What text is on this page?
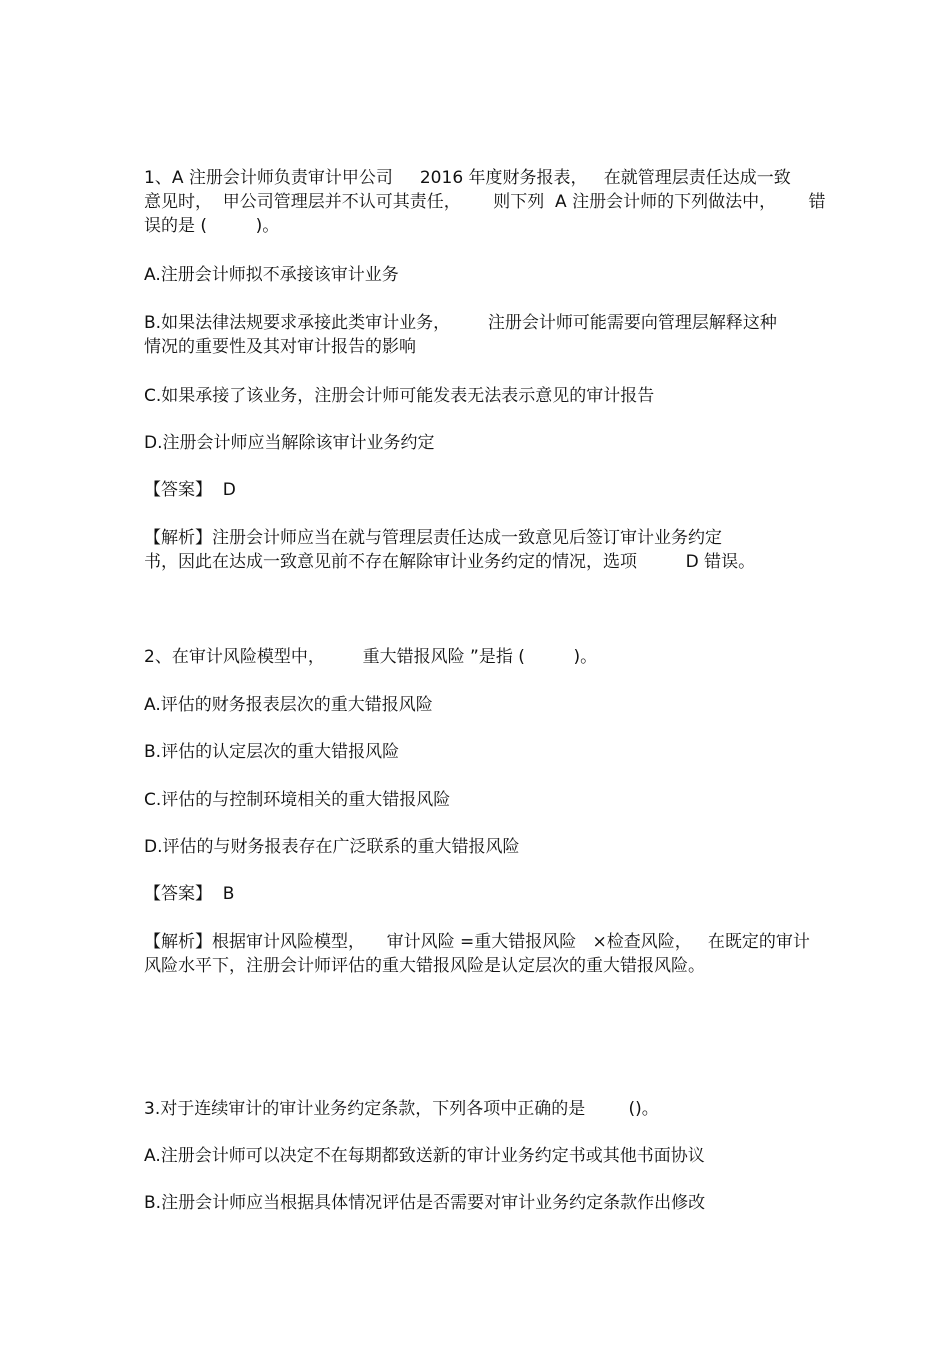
1、A 注册会计师负责审计甲公司     2016 年度财务报表，   在就管理层责任达成一致

意见时，  甲公司管理层并不认可其责任，      则下列  A 注册会计师的下列做法中，      错

误的是 (         )。

A.注册会计师拟不承接该审计业务

B.如果法律法规要求承接此类审计业务，       注册会计师可能需要向管理层解释这种

情况的重要性及其对审计报告的影响

C.如果承接了该业务，注册会计师可能发表无法表示意见的审计报告

D.注册会计师应当解除该审计业务约定

【答案】  D

【解析】注册会计师应当在就与管理层责任达成一致意见后签订审计业务约定

书，因此在达成一致意见前不存在解除审计业务约定的情况，选项         D 错误。

2、在审计风险模型中，       重大错报风险 ”是指 (         )。

A.评估的财务报表层次的重大错报风险

B.评估的认定层次的重大错报风险

C.评估的与控制环境相关的重大错报风险

D.评估的与财务报表存在广泛联系的重大错报风险

【答案】  B

【解析】根据审计风险模型，    审计风险 =重大错报风险   ×检查风险，   在既定的审计

风险水平下，注册会计师评估的重大错报风险是认定层次的重大错报风险。

3.对于连续审计的审计业务约定条款，下列各项中正确的是        ()。

A.注册会计师可以决定不在每期都致送新的审计业务约定书或其他书面协议

B.注册会计师应当根据具体情况评估是否需要对审计业务约定条款作出修改
